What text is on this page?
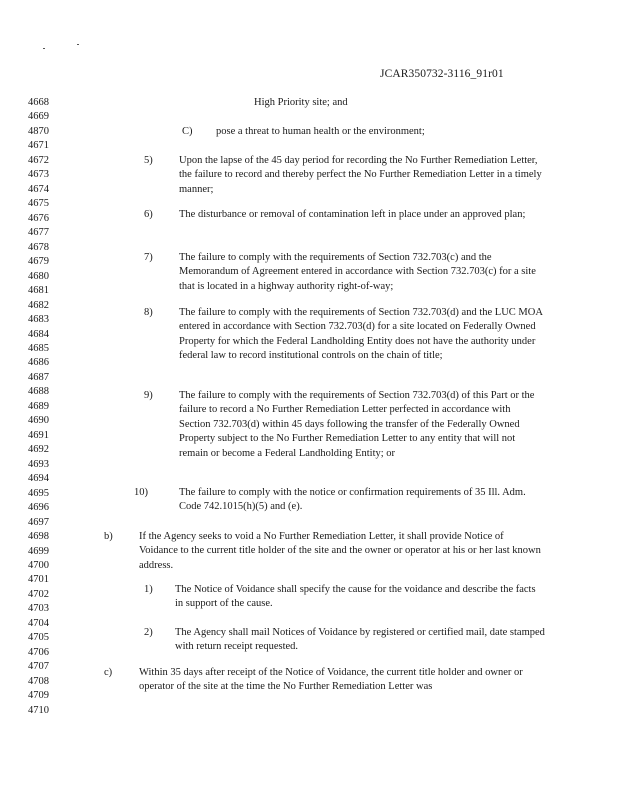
JCAR350732-3116_91r01
4668
4669
4870
4671
4672
4673
4674
4675
4676
4677
4678
4679
4680
4681
4682
4683
4684
4685
4686
4687
4688
4689
4690
4691
4692
4693
4694
4695
4696
4697
4698
4699
4700
4701
4702
4703
4704
4705
4706
4707
4708
4709
4710
High Priority site; and
C) pose a threat to human health or the environment;
5)	Upon the lapse of the 45 day period for recording the No Further Remediation Letter, the failure to record and thereby perfect the No Further Remediation Letter in a timely manner;
6)	The disturbance or removal of contamination left in place under an approved plan;
7)	The failure to comply with the requirements of Section 732.703(c) and the Memorandum of Agreement entered in accordance with Section 732.703(c) for a site that is located in a highway authority right-of-way;
8)	The failure to comply with the requirements of Section 732.703(d) and the LUC MOA entered in accordance with Section 732.703(d) for a site located on Federally Owned Property for which the Federal Landholding Entity does not have the authority under federal law to record institutional controls on the chain of title;
9)	The failure to comply with the requirements of Section 732.703(d) of this Part or the failure to record a No Further Remediation Letter perfected in accordance with Section 732.703(d) within 45 days following the transfer of the Federally Owned Property subject to the No Further Remediation Letter to any entity that will not remain or become a Federal Landholding Entity; or
10)	The failure to comply with the notice or confirmation requirements of 35 Ill. Adm. Code 742.1015(h)(5) and (e).
b)	If the Agency seeks to void a No Further Remediation Letter, it shall provide Notice of Voidance to the current title holder of the site and the owner or operator at his or her last known address.
1) The Notice of Voidance shall specify the cause for the voidance and describe the facts in support of the cause.
2) The Agency shall mail Notices of Voidance by registered or certified mail, date stamped with return receipt requested.
c)	Within 35 days after receipt of the Notice of Voidance, the current title holder and owner or operator of the site at the time the No Further Remediation Letter was
